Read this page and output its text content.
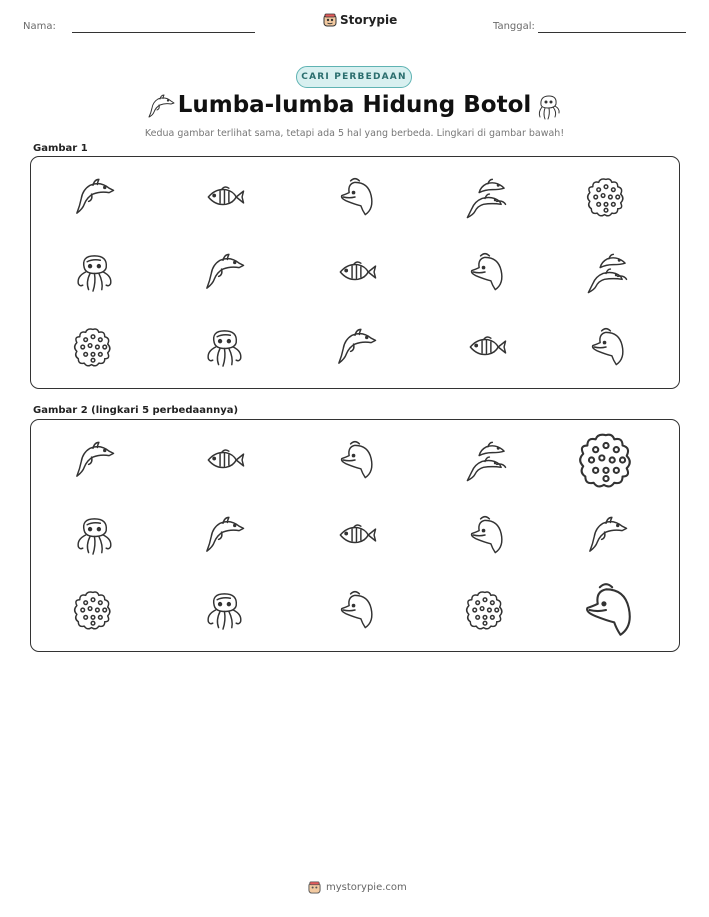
Nama:	Storypie	Tanggal:
CARI PERBEDAAN
Lumba-lumba Hidung Botol
Kedua gambar terlihat sama, tetapi ada 5 hal yang berbeda. Lingkari di gambar bawah!
Gambar 1
Gambar 2 (lingkari 5 perbedaannya)
mystorypie.com
